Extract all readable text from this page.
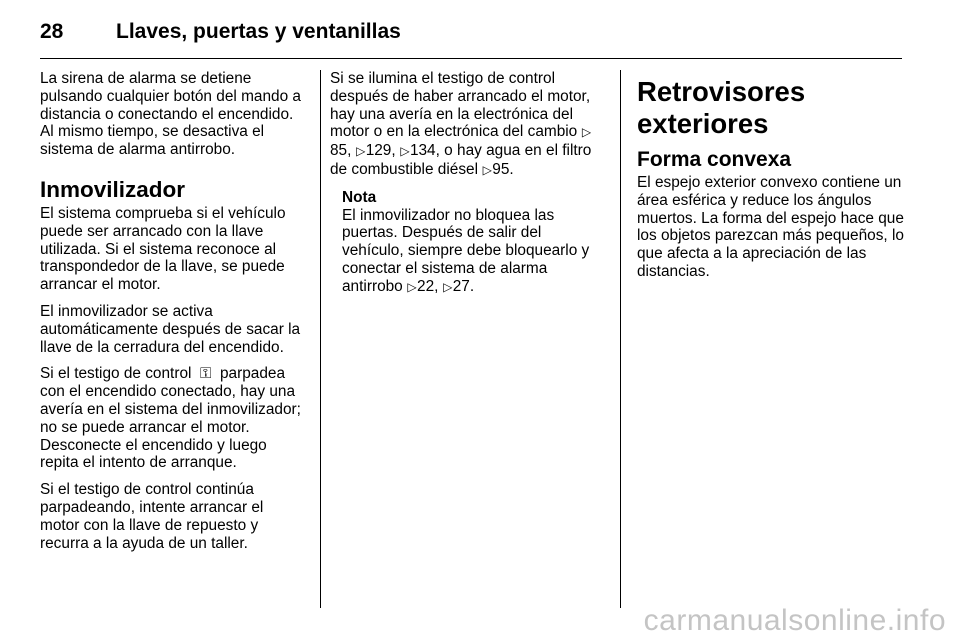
28	Llaves, puertas y ventanillas

La sirena de alarma se detiene pulsando cualquier botón del mando a distancia o conectando el encendido. Al mismo tiempo, se desactiva el sistema de alarma antirrobo.

Inmovilizador

El sistema comprueba si el vehículo puede ser arrancado con la llave utilizada. Si el sistema reconoce al transpondedor de la llave, se puede arrancar el motor.

El inmovilizador se activa automáticamente después de sacar la llave de la cerradura del encendido.

Si el testigo de control ⚿ parpadea con el encendido conectado, hay una avería en el sistema del inmovilizador; no se puede arrancar el motor. Desconecte el encendido y luego repita el intento de arranque.

Si el testigo de control continúa parpadeando, intente arrancar el motor con la llave de repuesto y recurra a la ayuda de un taller.

Si se ilumina el testigo de control después de haber arrancado el motor, hay una avería en la electrónica del motor o en la electrónica del cambio ▷85, ▷129, ▷134, o hay agua en el filtro de combustible diésel ▷95.

Nota

El inmovilizador no bloquea las puertas. Después de salir del vehículo, siempre debe bloquearlo y conectar el sistema de alarma antirrobo ▷22, ▷27.

Retrovisores exteriores
Forma convexa

El espejo exterior convexo contiene un área esférica y reduce los ángulos muertos. La forma del espejo hace que los objetos parezcan más pequeños, lo que afecta a la apreciación de las distancias.

carmanualsonline.info
